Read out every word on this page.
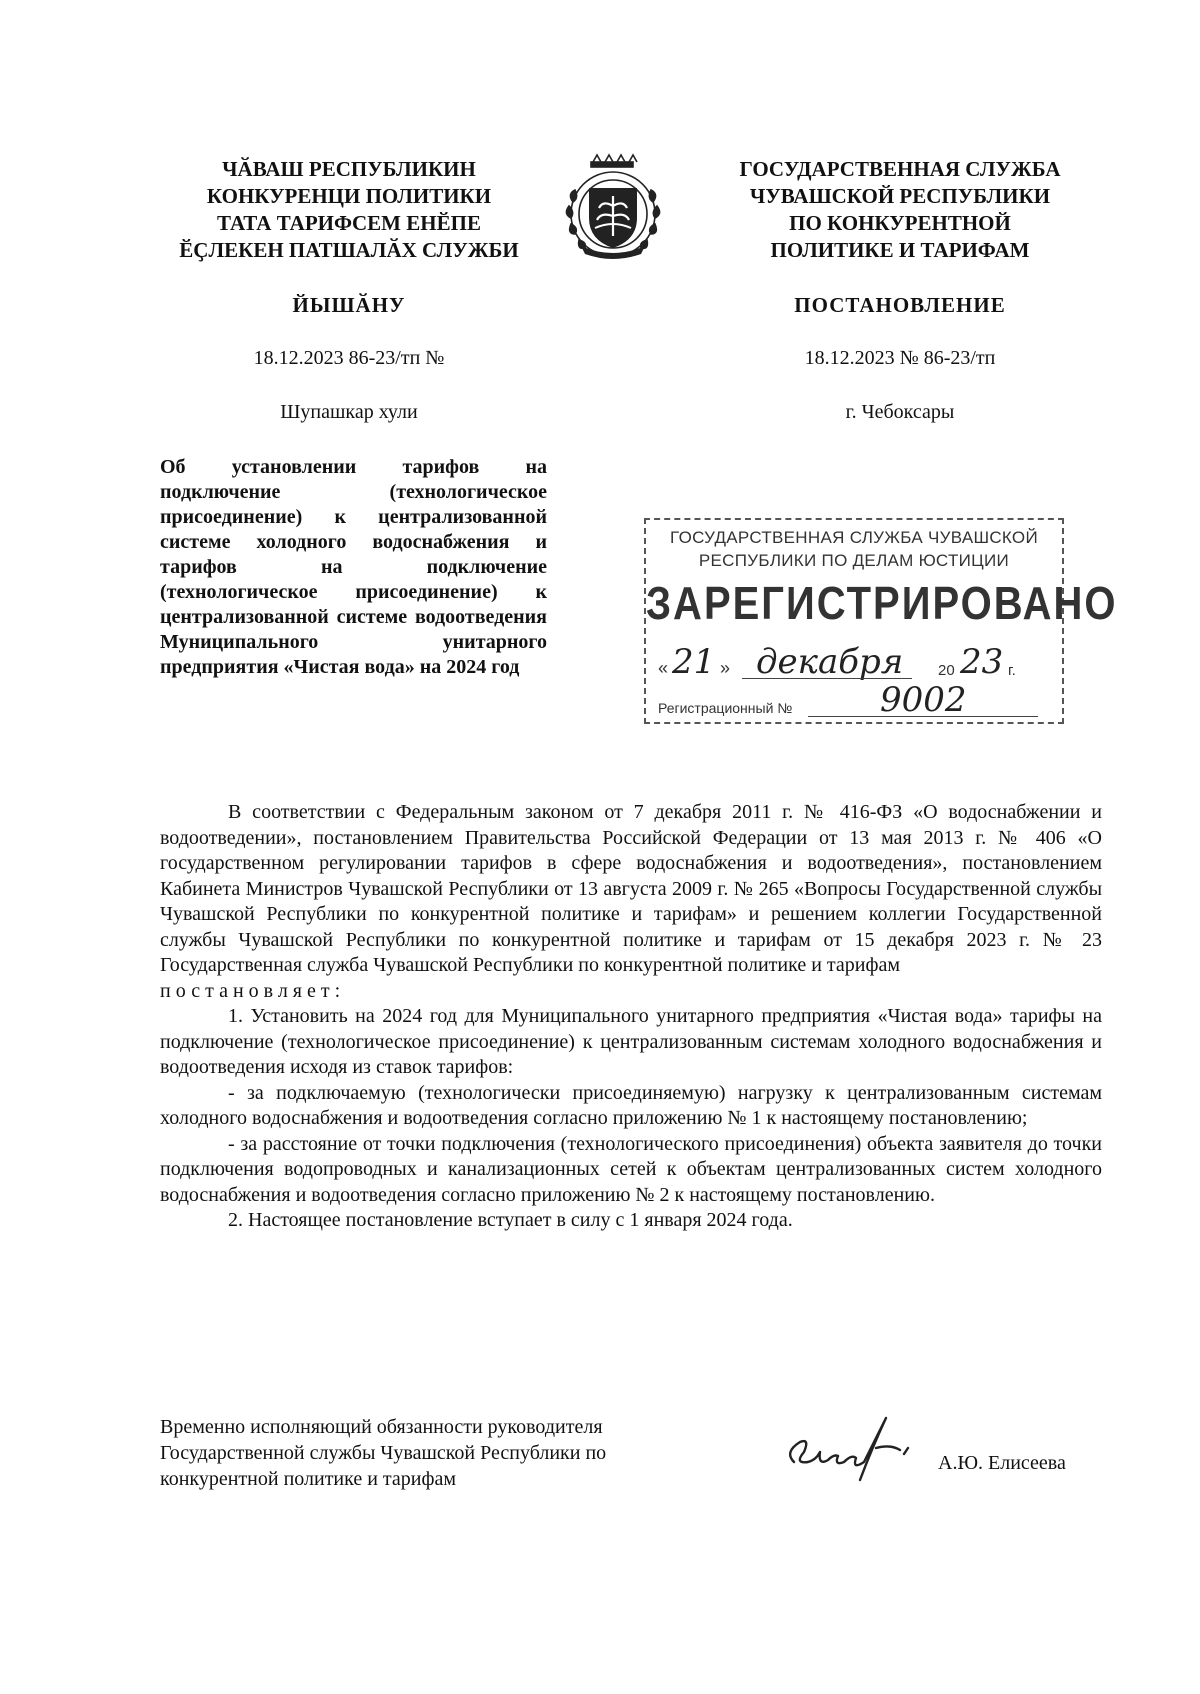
ЧӐВАШ РЕСПУБЛИКИН
КОНКУРЕНЦИ ПОЛИТИКИ
ТАТА ТАРИФСЕМ ЕНӖПЕ
ӖҪЛЕКЕН ПАТШАЛӐХ СЛУЖБИ
ГОСУДАРСТВЕННАЯ СЛУЖБА
ЧУВАШСКОЙ РЕСПУБЛИКИ
ПО КОНКУРЕНТНОЙ
ПОЛИТИКЕ И ТАРИФАМ
ЙЫШӐНУ	ПОСТАНОВЛЕНИЕ
18.12.2023 86-23/тп №	18.12.2023 № 86-23/тп
Шупашкар хули	г. Чебоксары
Об установлении тарифов на подключение (технологическое присоединение) к централизованной системе холодного водоснабжения и тарифов на подключение (технологическое присоединение) к централизованной системе водоотведения Муниципального унитарного предприятия «Чистая вода» на 2024 год
ГОСУДАРСТВЕННАЯ СЛУЖБА ЧУВАШСКОЙ
РЕСПУБЛИКИ ПО ДЕЛАМ ЮСТИЦИИ
ЗАРЕГИСТРИРОВАНО
« 21 » декабря 20 23 г.
Регистрационный №	9002

В соответствии с Федеральным законом от 7 декабря 2011 г. № 416-ФЗ «О водоснабжении и водоотведении», постановлением Правительства Российской Федерации от 13 мая 2013 г. № 406 «О государственном регулировании тарифов в сфере водоснабжения и водоотведения», постановлением Кабинета Министров Чувашской Республики от 13 августа 2009 г. № 265 «Вопросы Государственной службы Чувашской Республики по конкурентной политике и тарифам» и решением коллегии Государственной службы Чувашской Республики по конкурентной политике и тарифам от 15 декабря 2023 г. № 23 Государственная служба Чувашской Республики по конкурентной политике и тарифам

постановляет:

1. Установить на 2024 год для Муниципального унитарного предприятия «Чистая вода» тарифы на подключение (технологическое присоединение) к централизованным системам холодного водоснабжения и водоотведения исходя из ставок тарифов:

- за подключаемую (технологически присоединяемую) нагрузку к централизованным системам холодного водоснабжения и водоотведения согласно приложению № 1 к настоящему постановлению;

- за расстояние от точки подключения (технологического присоединения) объекта заявителя до точки подключения водопроводных и канализационных сетей к объектам централизованных систем холодного водоснабжения и водоотведения согласно приложению № 2 к настоящему постановлению.

2. Настоящее постановление вступает в силу с 1 января 2024 года.

Временно исполняющий обязанности руководителя
Государственной службы Чувашской Республики по
конкурентной политике и тарифам
А.Ю. Елисеева
